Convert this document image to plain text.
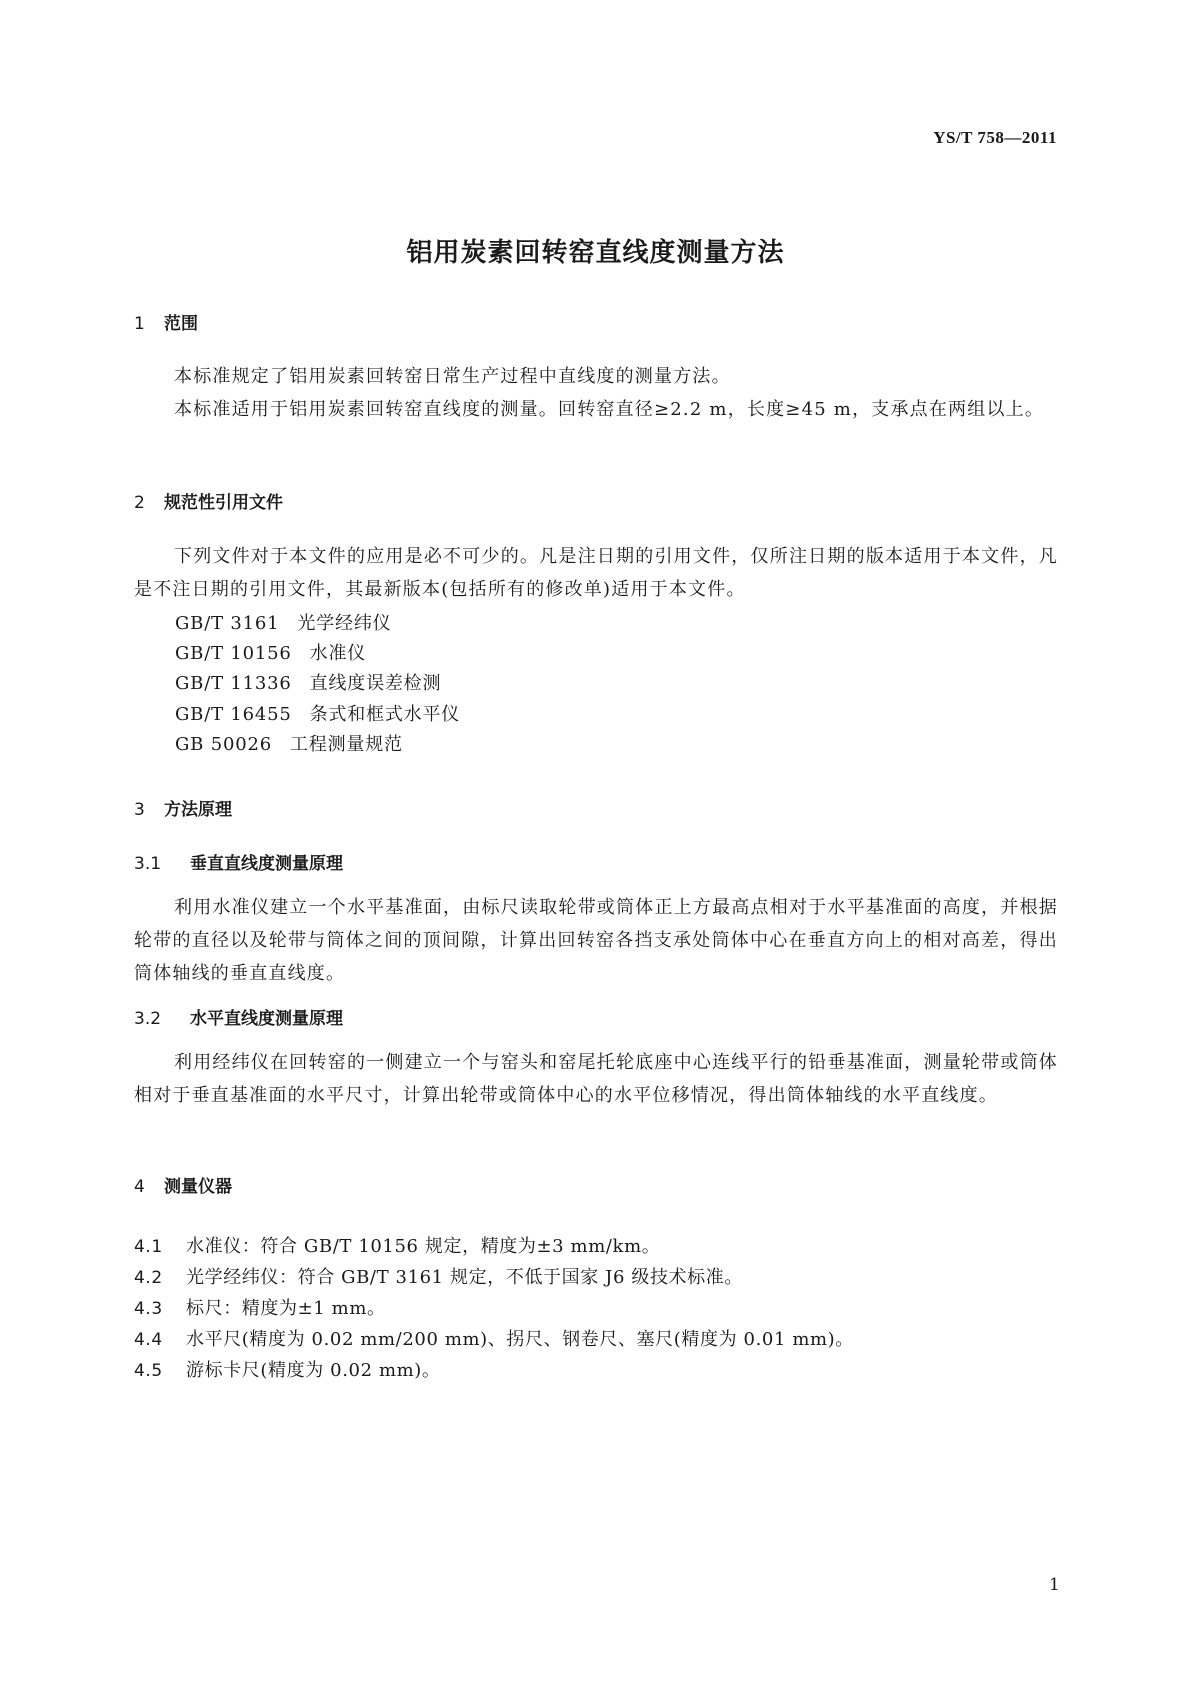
YS/T 758—2011
铝用炭素回转窑直线度测量方法
1 范围
本标准规定了铝用炭素回转窑日常生产过程中直线度的测量方法。
本标准适用于铝用炭素回转窑直线度的测量。回转窑直径≥2.2 m，长度≥45 m，支承点在两组以上。
2 规范性引用文件
下列文件对于本文件的应用是必不可少的。凡是注日期的引用文件，仅所注日期的版本适用于本文件，凡是不注日期的引用文件，其最新版本(包括所有的修改单)适用于本文件。
GB/T 3161 光学经纬仪
GB/T 10156 水准仪
GB/T 11336 直线度误差检测
GB/T 16455 条式和框式水平仪
GB 50026 工程测量规范
3 方法原理
3.1 垂直直线度测量原理
利用水准仪建立一个水平基准面，由标尺读取轮带或筒体正上方最高点相对于水平基准面的高度，并根据轮带的直径以及轮带与筒体之间的顶间隙，计算出回转窑各挡支承处筒体中心在垂直方向上的相对高差，得出筒体轴线的垂直直线度。
3.2 水平直线度测量原理
利用经纬仪在回转窑的一侧建立一个与窑头和窑尾托轮底座中心连线平行的铅垂基准面，测量轮带或筒体相对于垂直基准面的水平尺寸，计算出轮带或筒体中心的水平位移情况，得出筒体轴线的水平直线度。
4 测量仪器
4.1 水准仪：符合 GB/T 10156 规定，精度为±3 mm/km。
4.2 光学经纬仪：符合 GB/T 3161 规定，不低于国家 J6 级技术标准。
4.3 标尺：精度为±1 mm。
4.4 水平尺(精度为 0.02 mm/200 mm)、拐尺、钢卷尺、塞尺(精度为 0.01 mm)。
4.5 游标卡尺(精度为 0.02 mm)。
1
